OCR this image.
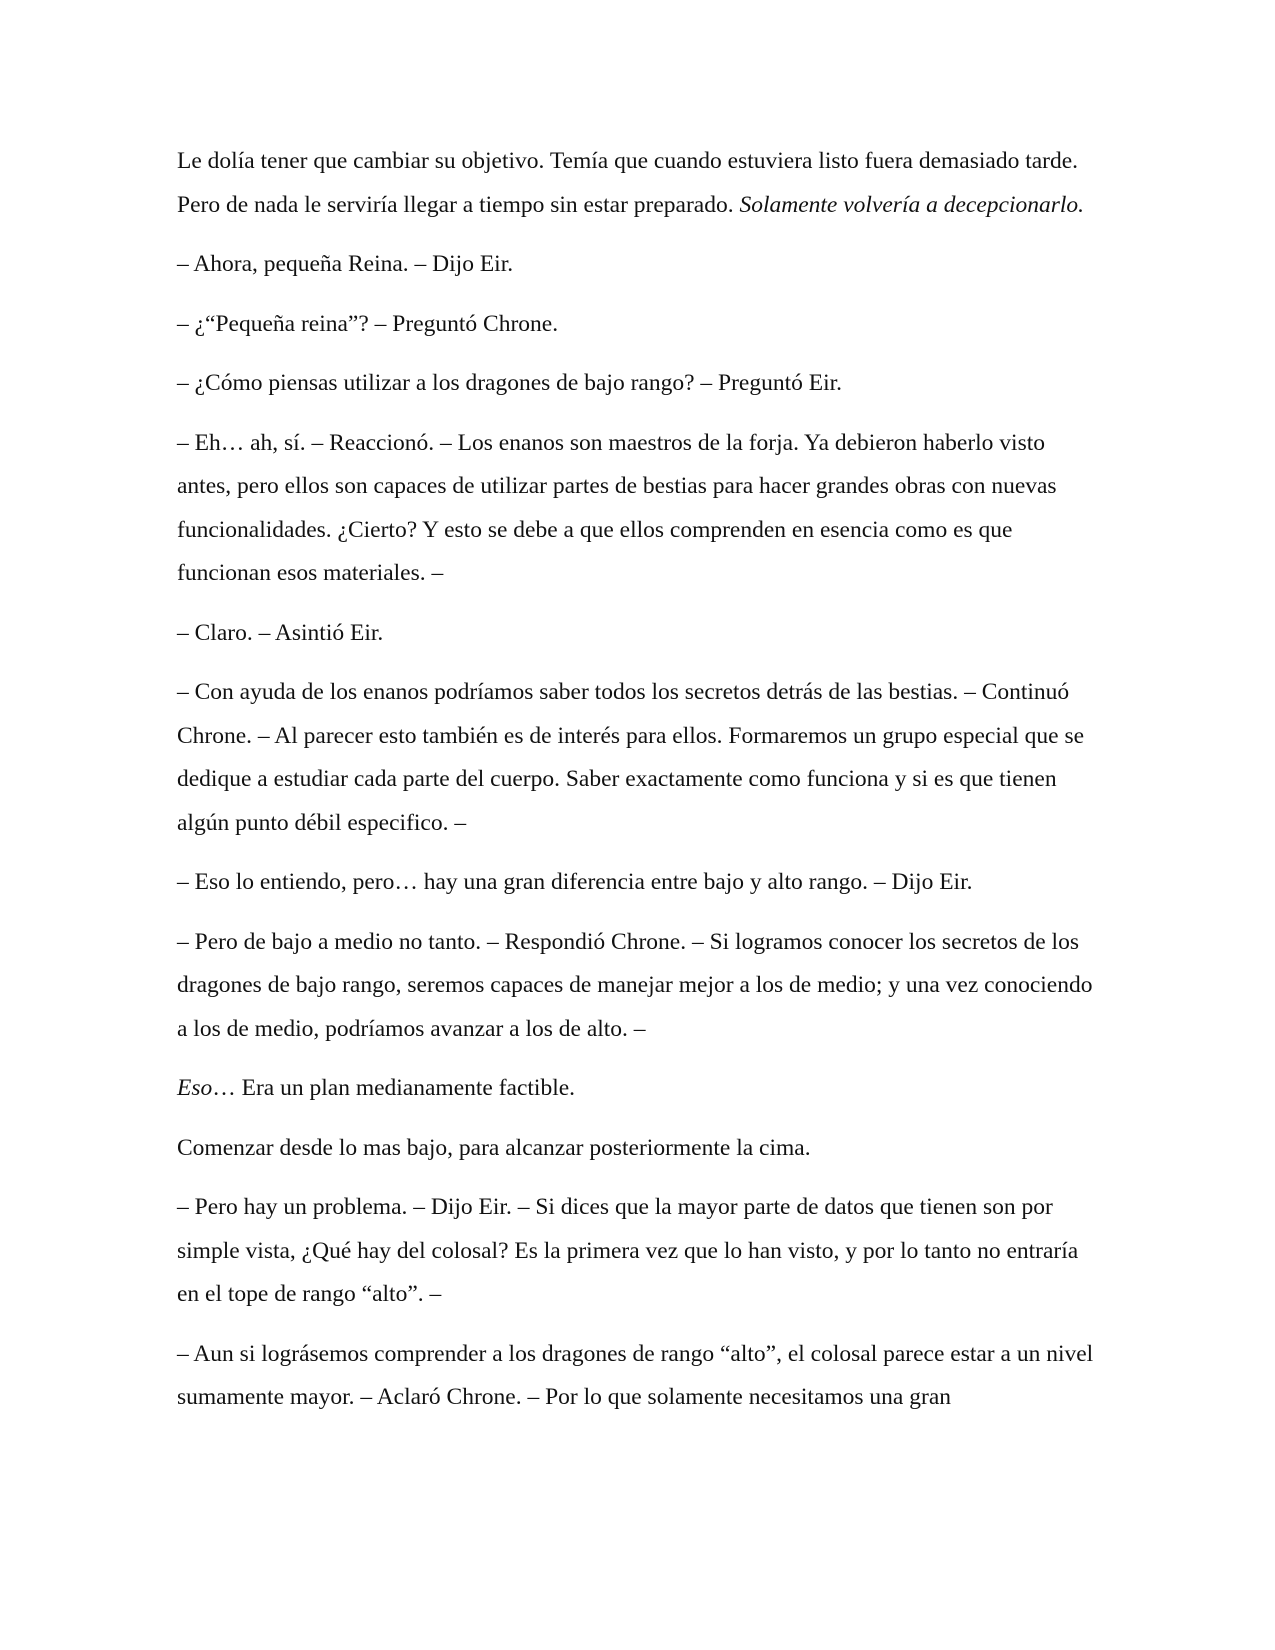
Le dolía tener que cambiar su objetivo. Temía que cuando estuviera listo fuera demasiado tarde. Pero de nada le serviría llegar a tiempo sin estar preparado. Solamente volvería a decepcionarlo.

– Ahora, pequeña Reina. – Dijo Eir.

– ¿“Pequeña reina”? – Preguntó Chrone.

– ¿Cómo piensas utilizar a los dragones de bajo rango? – Preguntó Eir.

– Eh… ah, sí. – Reaccionó. – Los enanos son maestros de la forja. Ya debieron haberlo visto antes, pero ellos son capaces de utilizar partes de bestias para hacer grandes obras con nuevas funcionalidades. ¿Cierto? Y esto se debe a que ellos comprenden en esencia como es que funcionan esos materiales. –

– Claro. – Asintió Eir.

– Con ayuda de los enanos podríamos saber todos los secretos detrás de las bestias. – Continuó Chrone. – Al parecer esto también es de interés para ellos. Formaremos un grupo especial que se dedique a estudiar cada parte del cuerpo. Saber exactamente como funciona y si es que tienen algún punto débil especifico. –

– Eso lo entiendo, pero… hay una gran diferencia entre bajo y alto rango. – Dijo Eir.

– Pero de bajo a medio no tanto. – Respondió Chrone. – Si logramos conocer los secretos de los dragones de bajo rango, seremos capaces de manejar mejor a los de medio; y una vez conociendo a los de medio, podríamos avanzar a los de alto. –

Eso… Era un plan medianamente factible.

Comenzar desde lo mas bajo, para alcanzar posteriormente la cima.

– Pero hay un problema. – Dijo Eir. – Si dices que la mayor parte de datos que tienen son por simple vista, ¿Qué hay del colosal? Es la primera vez que lo han visto, y por lo tanto no entraría en el tope de rango “alto”. –

– Aun si lográsemos comprender a los dragones de rango “alto”, el colosal parece estar a un nivel sumamente mayor. – Aclaró Chrone. – Por lo que solamente necesitamos una gran
